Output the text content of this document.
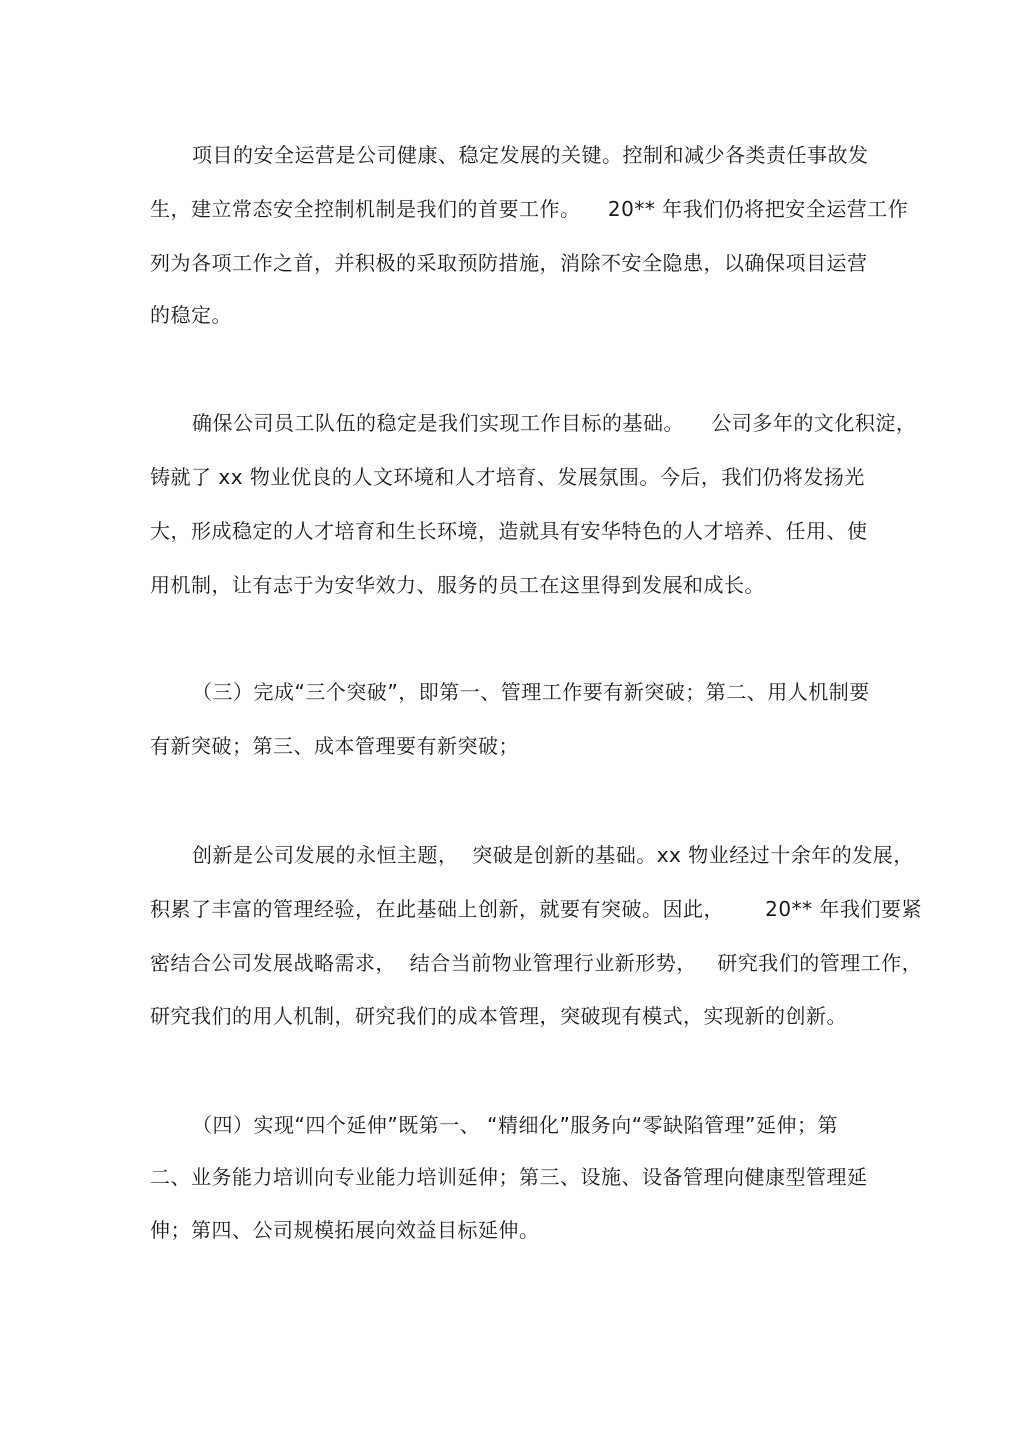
项目的安全运营是公司健康、稳定发展的关键。控制和减少各类责任事故发
生，建立常态安全控制机制是我们的首要工作。    20** 年我们仍将把安全运营工作
列为各项工作之首，并积极的采取预防措施，消除不安全隐患，以确保项目运营
的稳定。
确保公司员工队伍的稳定是我们实现工作目标的基础。    公司多年的文化积淀，
铸就了 xx 物业优良的人文环境和人才培育、发展氛围。今后，我们仍将发扬光
大，形成稳定的人才培育和生长环境，造就具有安华特色的人才培养、任用、使
用机制，让有志于为安华效力、服务的员工在这里得到发展和成长。
（三）完成“三个突破”，即第一、管理工作要有新突破；第二、用人机制要
有新突破；第三、成本管理要有新突破；
创新是公司发展的永恒主题，  突破是创新的基础。xx 物业经过十余年的发展，
积累了丰富的管理经验，在此基础上创新，就要有突破。因此，      20** 年我们要紧
密结合公司发展战略需求，  结合当前物业管理行业新形势，   研究我们的管理工作，
研究我们的用人机制，研究我们的成本管理，突破现有模式，实现新的创新。
（四）实现“四个延伸”既第一、 “精细化”服务向“零缺陷管理”延伸；第
二、业务能力培训向专业能力培训延伸；第三、设施、设备管理向健康型管理延
伸；第四、公司规模拓展向效益目标延伸。
